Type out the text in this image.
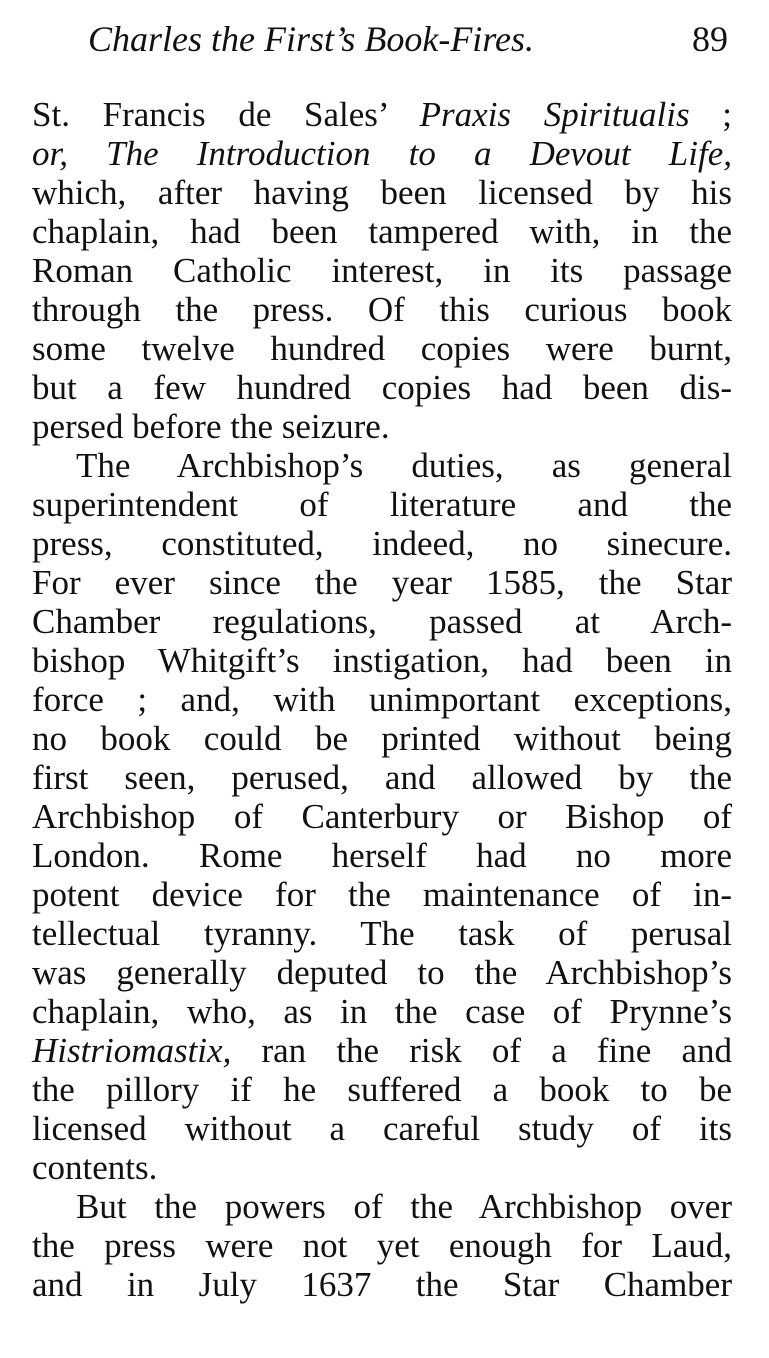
Charles the First’s Book-Fires.	89
St. Francis de Sales’ Praxis Spiritualis ;
or, The Introduction to a Devout Life,
which, after having been licensed by his
chaplain, had been tampered with, in the
Roman Catholic interest, in its passage
through the press. Of this curious book
some twelve hundred copies were burnt,
but a few hundred copies had been dis-
persed before the seizure.
The Archbishop’s duties, as general
superintendent of literature and the
press, constituted, indeed, no sinecure.
For ever since the year 1585, the Star
Chamber regulations, passed at Arch-
bishop Whitgift’s instigation, had been in
force ; and, with unimportant exceptions,
no book could be printed without being
first seen, perused, and allowed by the
Archbishop of Canterbury or Bishop of
London. Rome herself had no more
potent device for the maintenance of in-
tellectual tyranny. The task of perusal
was generally deputed to the Archbishop’s
chaplain, who, as in the case of Prynne’s
Histriomastix, ran the risk of a fine and
the pillory if he suffered a book to be
licensed without a careful study of its
contents.
But the powers of the Archbishop over
the press were not yet enough for Laud,
and in July 1637 the Star Chamber
